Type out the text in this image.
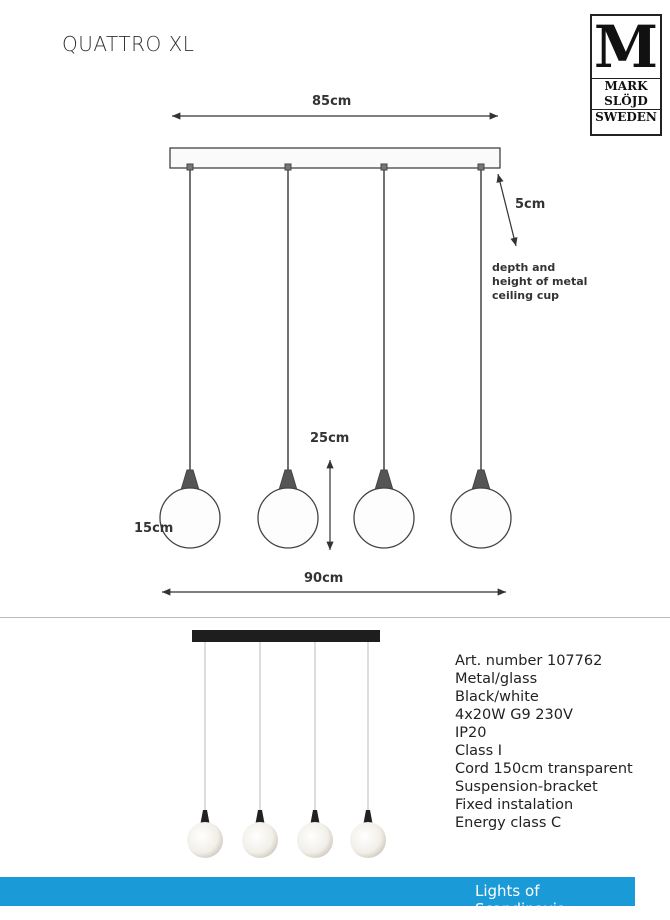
QUATTRO XL	M
MARK
SLÖJD
SWEDEN
85cm
5cm
25cm
15cm
90cm
depth and
height of metal
ceiling cup
Art. number 107762
Metal/glass
Black/white
4x20W G9 230V
IP20
Class I
Cord 150cm transparent
Suspension-bracket
Fixed instalation
Energy class C
Lights of Scandinavia
